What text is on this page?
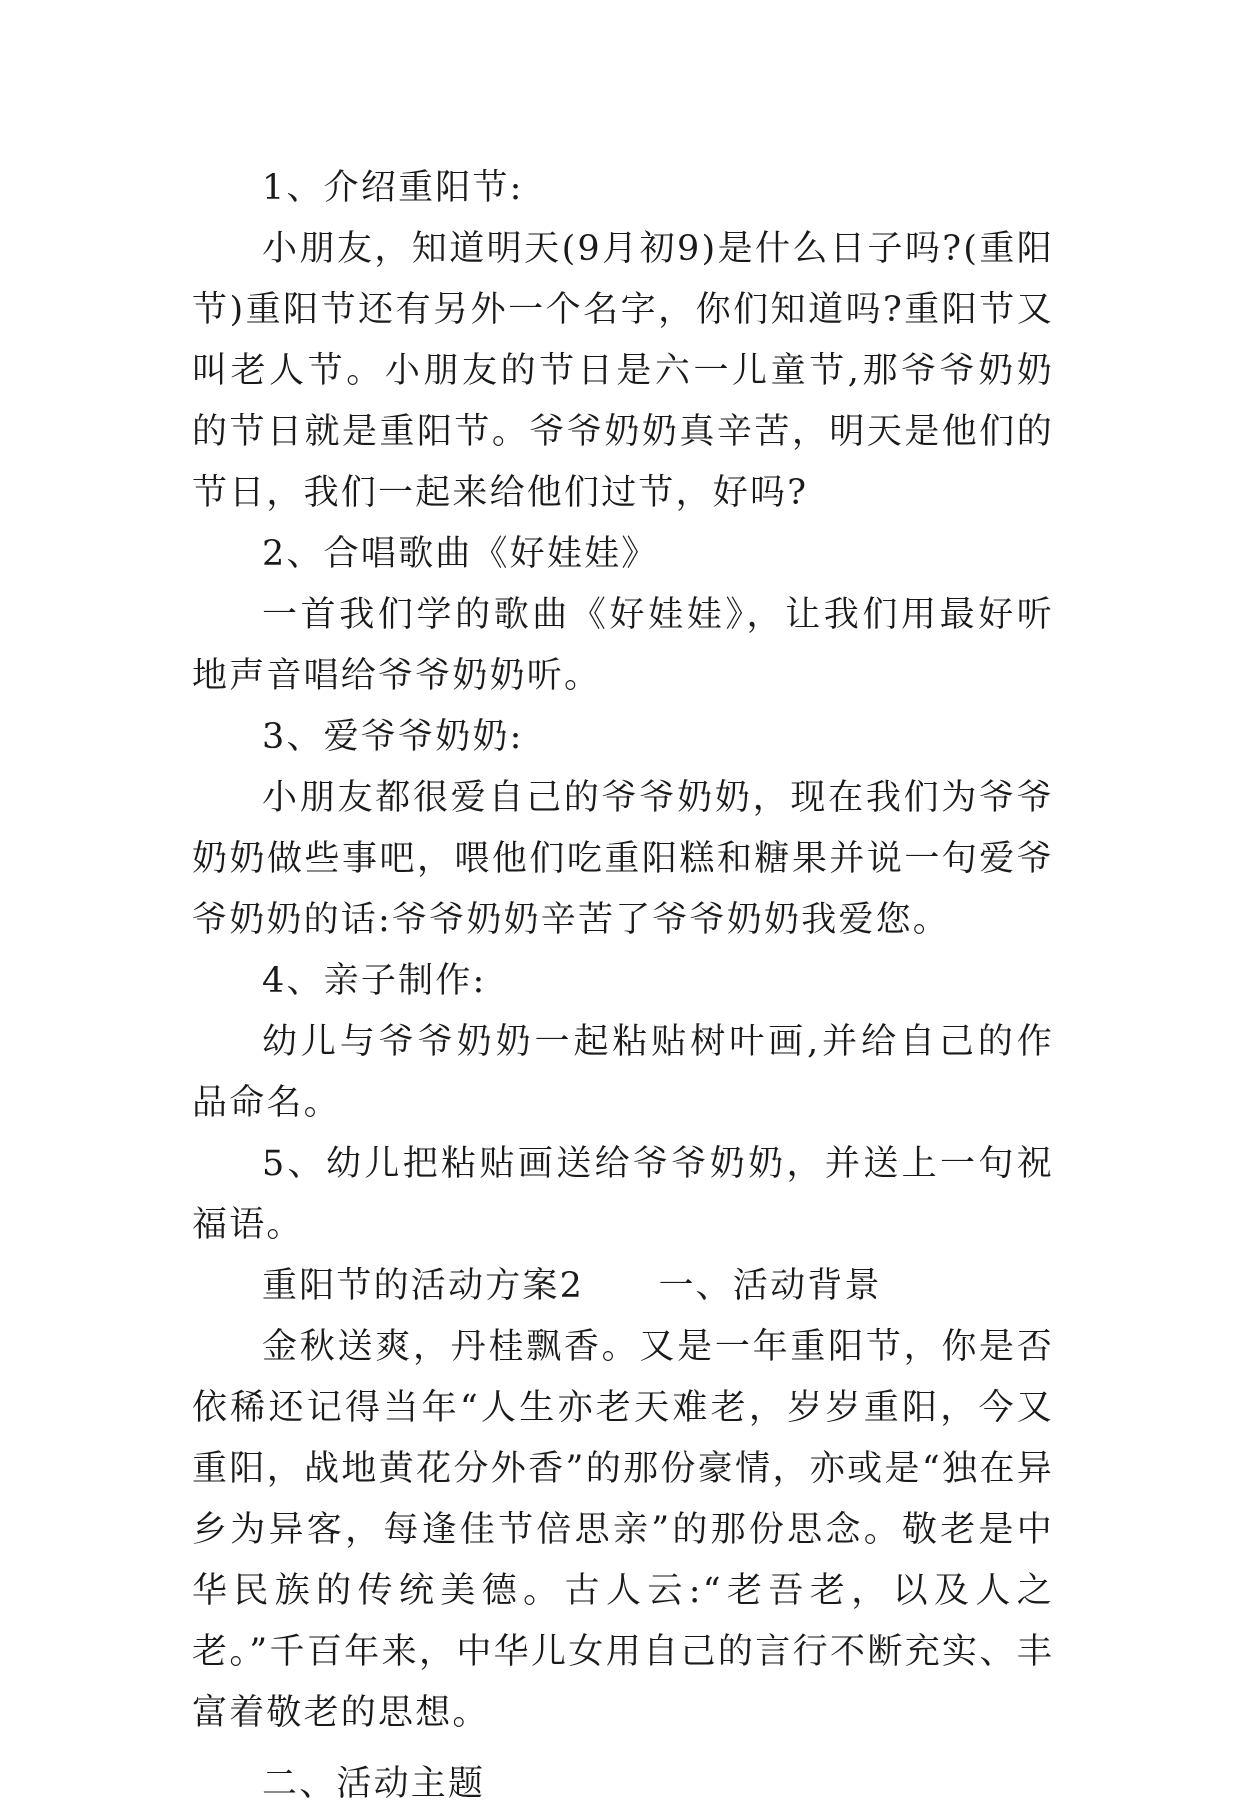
1、介绍重阳节:

小朋友，知道明天(9月初9)是什么日子吗?(重阳节)重阳节还有另外一个名字，你们知道吗?重阳节又叫老人节。小朋友的节日是六一儿童节,那爷爷奶奶的节日就是重阳节。爷爷奶奶真辛苦，明天是他们的节日，我们一起来给他们过节，好吗?

2、合唱歌曲《好娃娃》

一首我们学的歌曲《好娃娃》，让我们用最好听地声音唱给爷爷奶奶听。

3、爱爷爷奶奶:

小朋友都很爱自己的爷爷奶奶，现在我们为爷爷奶奶做些事吧，喂他们吃重阳糕和糖果并说一句爱爷爷奶奶的话:爷爷奶奶辛苦了爷爷奶奶我爱您。

4、亲子制作:

幼儿与爷爷奶奶一起粘贴树叶画,并给自己的作品命名。

5、幼儿把粘贴画送给爷爷奶奶，并送上一句祝福语。

重阳节的活动方案2　　一、活动背景

金秋送爽，丹桂飘香。又是一年重阳节，你是否依稀还记得当年“人生亦老天难老，岁岁重阳，今又重阳，战地黄花分外香”的那份豪情，亦或是“独在异乡为异客，每逢佳节倍思亲”的那份思念。敬老是中华民族的传统美德。古人云:“老吾老，以及人之老。”千百年来，中华儿女用自己的言行不断充实、丰富着敬老的思想。

二、活动主题
